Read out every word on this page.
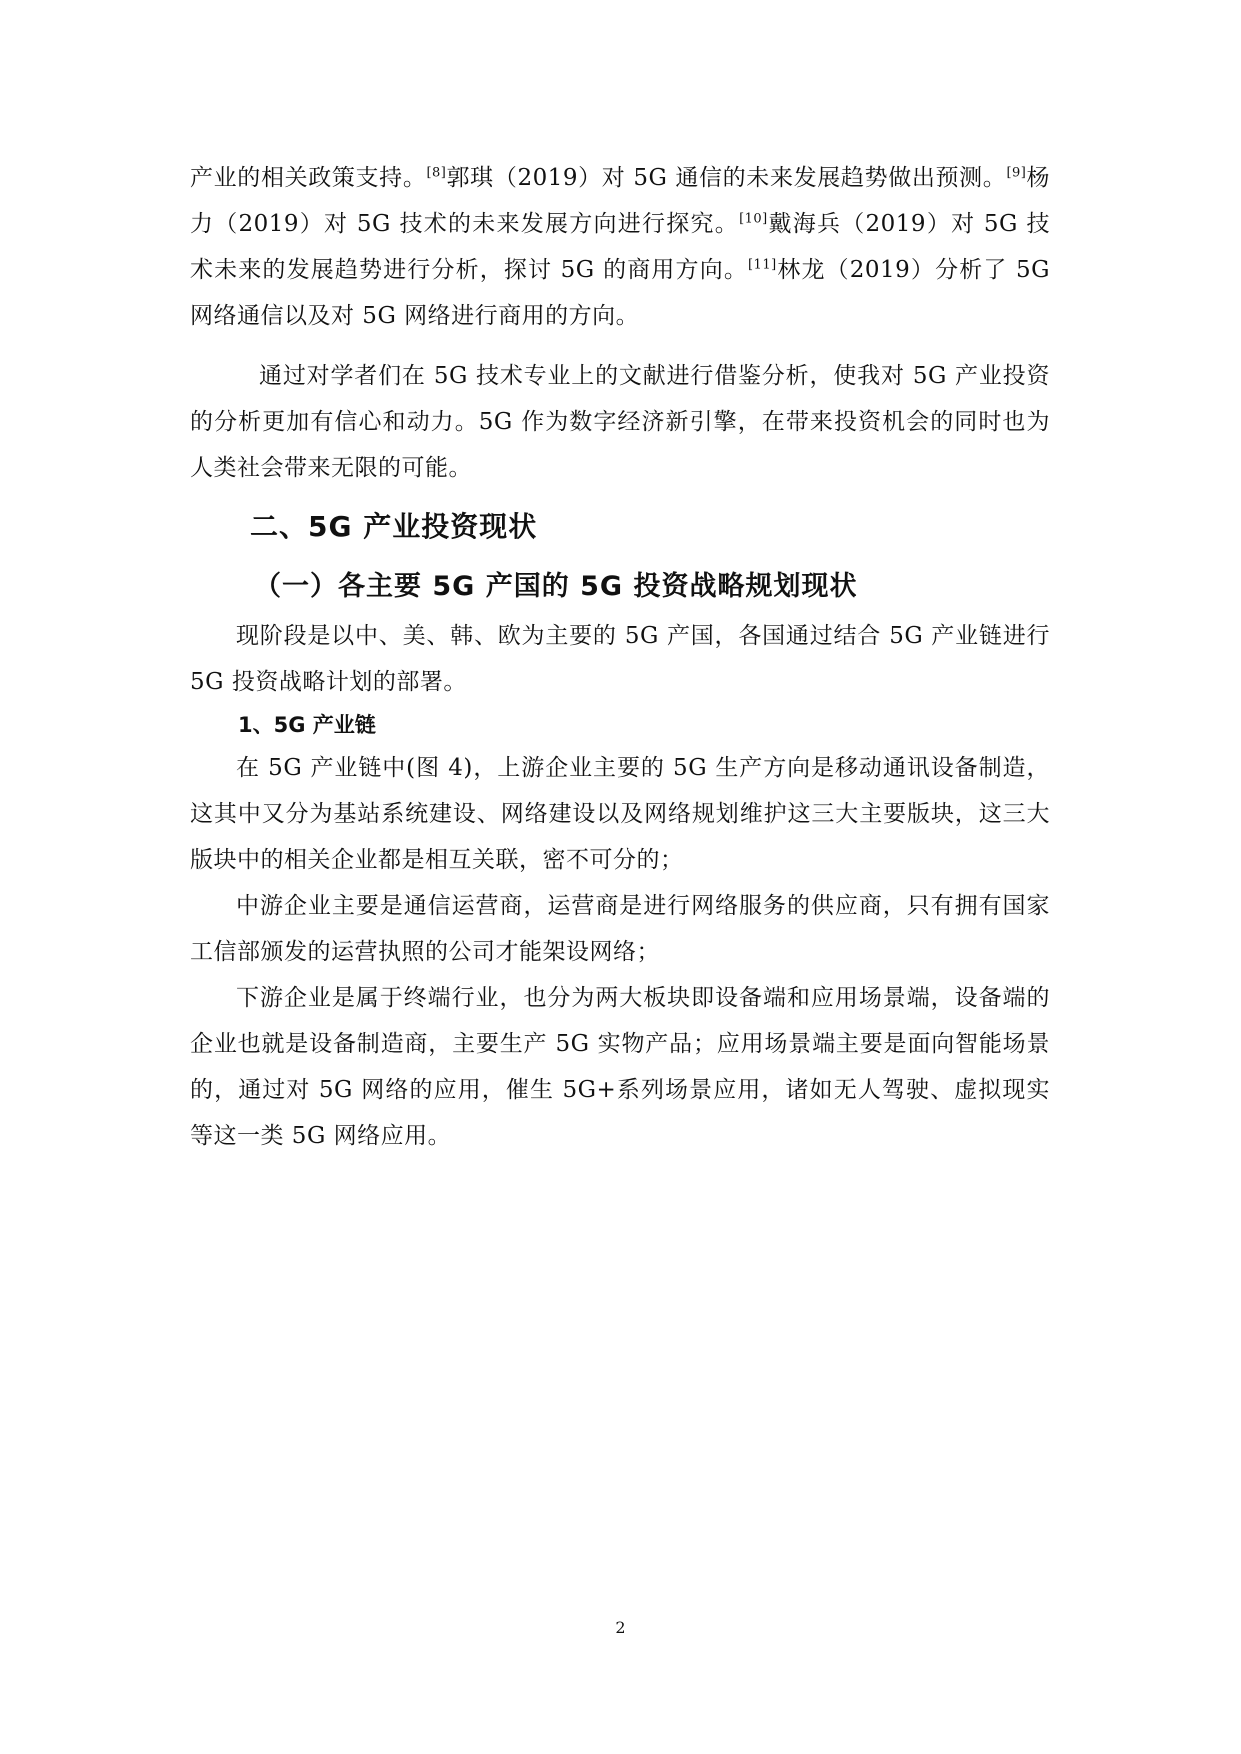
产业的相关政策支持。[8]郭琪（2019）对 5G 通信的未来发展趋势做出预测。[9]杨力（2019）对 5G 技术的未来发展方向进行探究。[10]戴海兵（2019）对 5G 技术未来的发展趋势进行分析，探讨 5G 的商用方向。[11]林龙（2019）分析了 5G 网络通信以及对 5G 网络进行商用的方向。

通过对学者们在 5G 技术专业上的文献进行借鉴分析，使我对 5G 产业投资的分析更加有信心和动力。5G 作为数字经济新引擎，在带来投资机会的同时也为人类社会带来无限的可能。

二、5G 产业投资现状
（一）各主要 5G 产国的 5G 投资战略规划现状

现阶段是以中、美、韩、欧为主要的 5G 产国，各国通过结合 5G 产业链进行 5G 投资战略计划的部署。

1、5G 产业链

在 5G 产业链中(图 4)，上游企业主要的 5G 生产方向是移动通讯设备制造，这其中又分为基站系统建设、网络建设以及网络规划维护这三大主要版块，这三大版块中的相关企业都是相互关联，密不可分的；

中游企业主要是通信运营商，运营商是进行网络服务的供应商，只有拥有国家工信部颁发的运营执照的公司才能架设网络；

下游企业是属于终端行业，也分为两大板块即设备端和应用场景端，设备端的企业也就是设备制造商，主要生产 5G 实物产品；应用场景端主要是面向智能场景的，通过对 5G 网络的应用，催生 5G+系列场景应用，诸如无人驾驶、虚拟现实等这一类 5G 网络应用。

2
